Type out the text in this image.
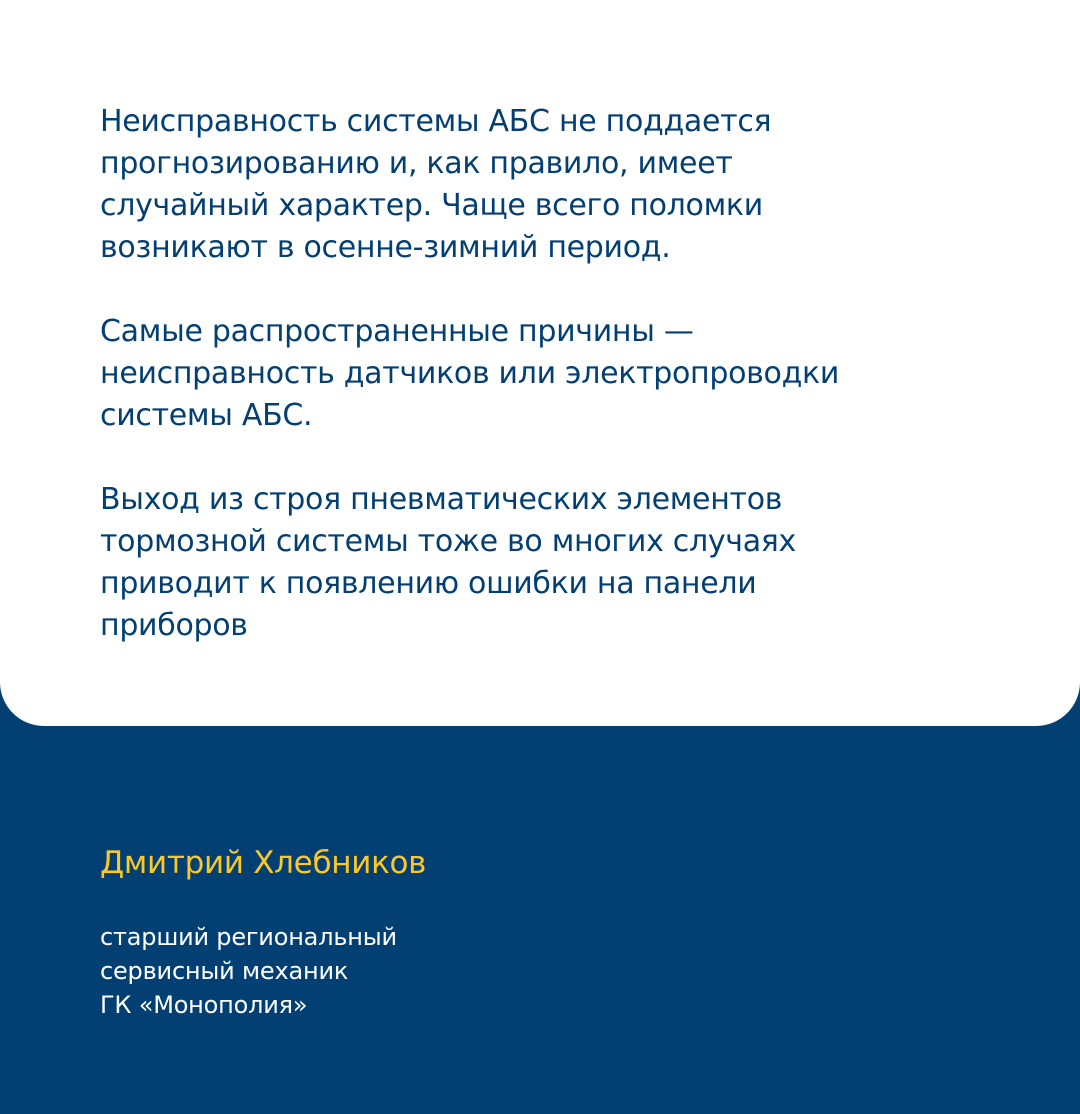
Неисправность системы АБС не поддается
прогнозированию и, как правило, имеет
случайный характер. Чаще всего поломки
возникают в осенне-зимний период.

Самые распространенные причины —
неисправность датчиков или электропроводки
системы АБС.

Выход из строя пневматических элементов
тормозной системы тоже во многих случаях
приводит к появлению ошибки на панели
приборов

Дмитрий Хлебников

старший региональный
сервисный механик
ГК «Монополия»
